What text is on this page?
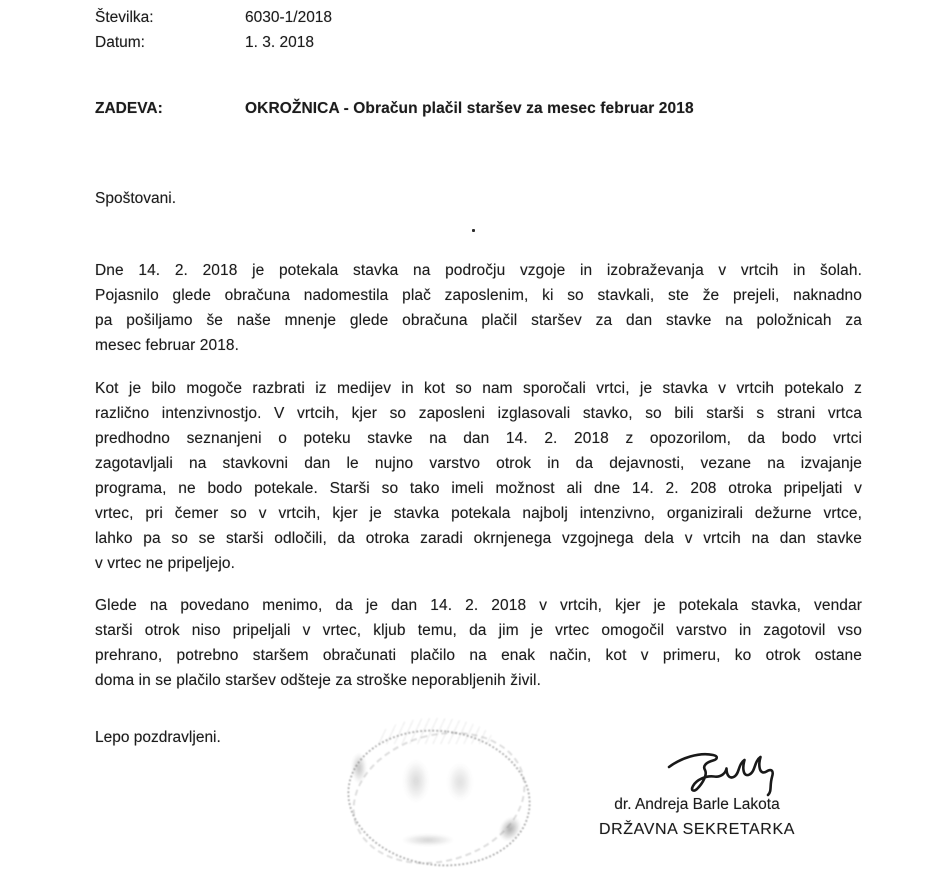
Številka:	6030-1/2018
Datum:	1. 3. 2018
ZADEVA:	OKROŽNICA - Obračun plačil staršev za mesec februar 2018
Spoštovani.
Dne 14. 2. 2018 je potekala stavka na področju vzgoje in izobraževanja v vrtcih in šolah.
Pojasnilo glede obračuna nadomestila plač zaposlenim, ki so stavkali, ste že prejeli, naknadno
pa pošiljamo še naše mnenje glede obračuna plačil staršev za dan stavke na položnicah za
mesec februar 2018.
Kot je bilo mogoče razbrati iz medijev in kot so nam sporočali vrtci, je stavka v vrtcih potekalo z
različno intenzivnostjo. V vrtcih, kjer so zaposleni izglasovali stavko, so bili starši s strani vrtca
predhodno seznanjeni o poteku stavke na dan 14. 2. 2018 z opozorilom, da bodo vrtci
zagotavljali na stavkovni dan le nujno varstvo otrok in da dejavnosti, vezane na izvajanje
programa, ne bodo potekale. Starši so tako imeli možnost ali dne 14. 2. 208 otroka pripeljati v
vrtec, pri čemer so v vrtcih, kjer je stavka potekala najbolj intenzivno, organizirali dežurne vrtce,
lahko pa so se starši odločili, da otroka zaradi okrnjenega vzgojnega dela v vrtcih na dan stavke
v vrtec ne pripeljejo.
Glede na povedano menimo, da je dan 14. 2. 2018 v vrtcih, kjer je potekala stavka, vendar
starši otrok niso pripeljali v vrtec, kljub temu, da jim je vrtec omogočil varstvo in zagotovil vso
prehrano, potrebno staršem obračunati plačilo na enak način, kot v primeru, ko otrok ostane
doma in se plačilo staršev odšteje za stroške neporabljenih živil.
Lepo pozdravljeni.
dr. Andreja Barle Lakota
DRŽAVNA SEKRETARKA
